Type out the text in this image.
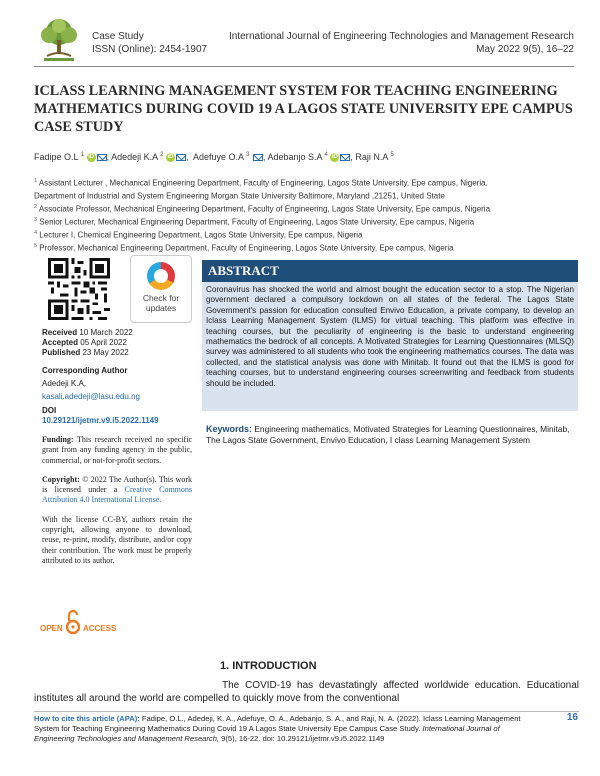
Case Study
ISSN (Online): 2454-1907
International Journal of Engineering Technologies and Management Research
May 2022 9(5), 16–22
ICLASS LEARNING MANAGEMENT SYSTEM FOR TEACHING ENGINEERING MATHEMATICS DURING COVID 19 A LAGOS STATE UNIVERSITY EPE CAMPUS CASE STUDY
Fadipe O.L $^1$ iD , Adedeji K.A $^2$ iD ,  Adefuye O.A $^3$ , Adebanjo S.A $^4$ iD , Raji N.A $^5$
$^1$ Assistant Lecturer , Mechanical Engineering Department, Faculty of Engineering, Lagos State University, Epe campus, Nigeria.
Department of Industrial and System Engineering Morgan State University Baltimore, Maryland ,21251, United State
$^2$ Associate Professor, Mechanical Engineering Department, Faculty of Engineering, Lagos State University, Epe campus, Nigeria
$^3$ Senior Lecturer, Mechanical Engineering Department, Faculty of Engineering, Lagos State University, Epe campus, Nigeria
$^4$ Lecturer I, Chemical Engineering Department, Lagos State University, Epe campus, Nigeria
$^5$ Professor, Mechanical Engineering Department, Faculty of Engineering, Lagos State University, Epe campus, Nigeria
Check for
updates
Received 10 March 2022
Accepted 05 April 2022
Published 23 May 2022
Corresponding Author
Adedeji K.A,
kasali.adedeji@lasu.edu.ng
DOI
10.29121/ijetmr.v9.i5.2022.1149
Funding: This research received no specific grant from any funding agency in the public, commercial, or not-for-profit sectors.
Copyright: © 2022 The Author(s). This work is licensed under a Creative Commons Attribution 4.0 International License.
With the license CC-BY, authors retain the copyright, allowing anyone to download, reuse, re-print, modify, distribute, and/or copy their contribution. The work must be properly attributed to its author.
OPEN	ACCESS
ABSTRACT
Coronavirus has shocked the world and almost bought the education sector to a stop. The Nigerian government declared a compulsory lockdown on all states of the federal. The Lagos State Government's passion for education consulted Envivo Education, a private company, to develop an Iclass Learning Management System (ILMS) for virtual teaching. This platform was effective in teaching courses, but the peculiarity of engineering is the basic to understand engineering mathematics the bedrock of all concepts. A Motivated Strategies for Learning Questionnaires (MLSQ) survey was administered to all students who took the engineering mathematics courses. The data was collected, and the statistical analysis was done with Minitab. It found out that the ILMS is good for teaching courses, but to understand engineering courses screenwriting and feedback from students should be included.
Keywords: Engineering mathematics, Motivated Strategies for Learning Questionnaires, Minitab, The Lagos State Government, Envivo Education, I class Learning Management System
1. INTRODUCTION
The COVID-19 has devastatingly affected worldwide education. Educational institutes all around the world are compelled to quickly move from the conventional
How to cite this article (APA): Fadipe, O.L., Adedeji, K. A., Adefuye, O. A., Adebanjo, S. A., and Raji, N. A. (2022). Iclass Learning Management System for Teaching Engineering Mathematics During Covid 19 A Lagos State University Epe Campus Case Study. International Journal of Engineering Technologies and Management Research, 9(5), 16-22. doi: 10.29121/ijetmr.v9.i5.2022.1149
16
